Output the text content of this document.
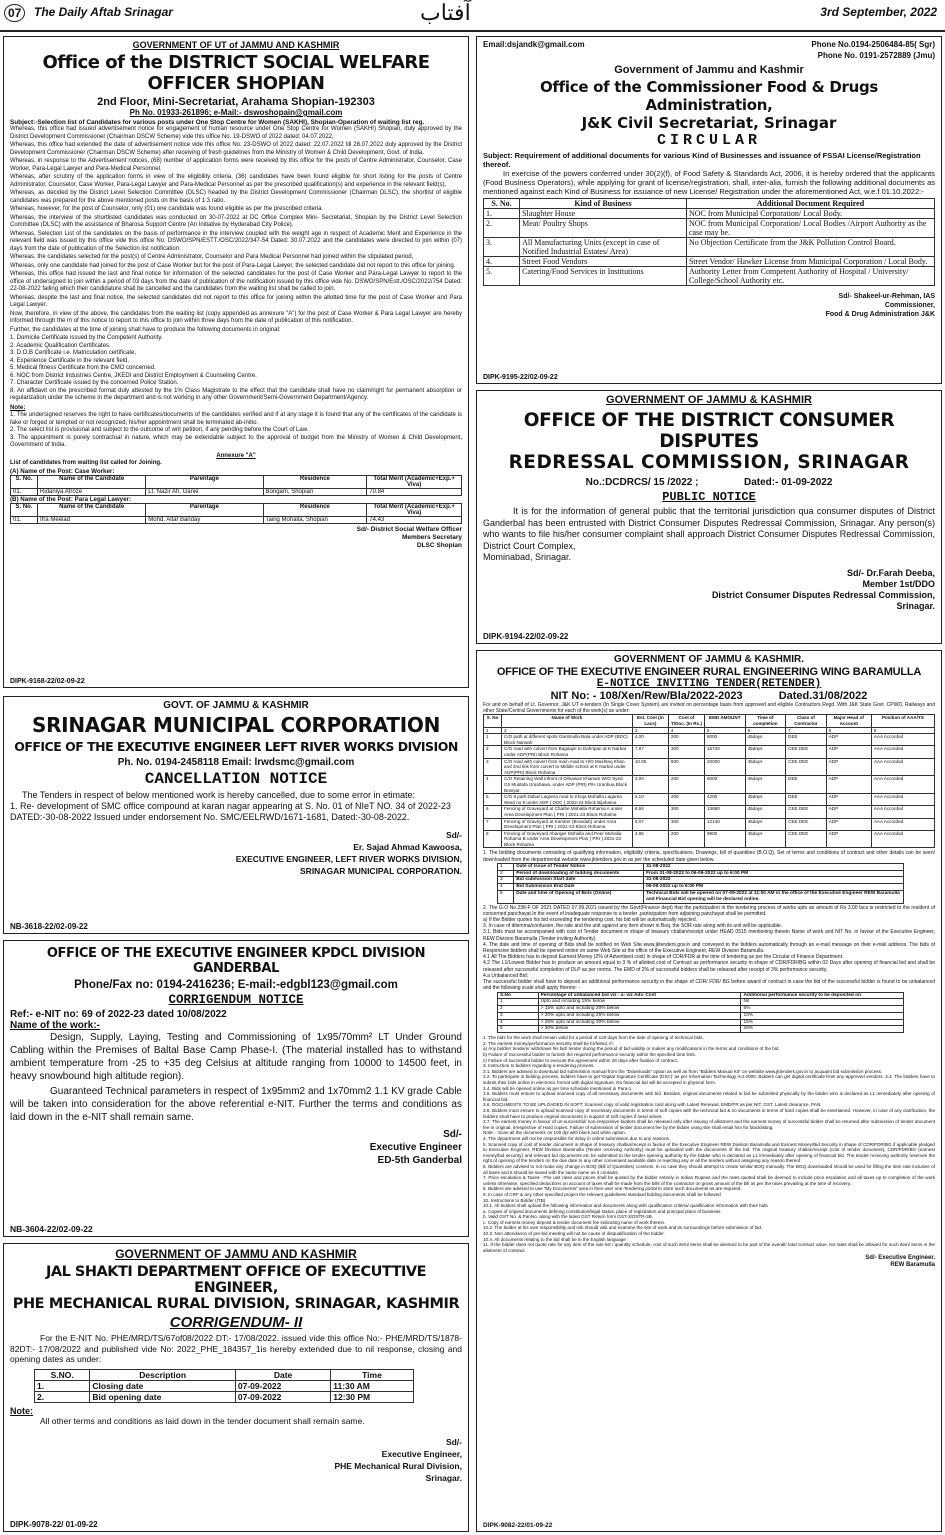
07	The Daily Aftab Srinagar	آفتاب	3rd September, 2022
GOVERNMENT OF UT of JAMMU AND KASHMIR
Office of the DISTRICT SOCIAL WELFARE OFFICER SHOPIAN
2nd Floor, Mini-Secretariat, Arahama Shopian-192303
Ph No. 01933-261896; e-Mail:- dswoshopain@gmail.com
Subject:-Selection list of Candidates for various posts under One Stop Centre for Women (SAKHI), Shopian-Operation of waiting list reg.

Whereas, this office had issued advertisement notice for engagement of human resource under One Stop Centre for Women (SAKHI) Shopian, duly approved by the District Development Commissioner (Chairman DSCW Scheme) vide this office No. 19-DSWO of 2022 dated: 04.07.2022,

Whereas, this office had extended the date of advertisement notice vide this office No. 23-DSWO of 2022 dated: 22.07.2022 till 28.07.2022 duly approved by the District Development Commissioner (Chairman DSCW Scheme) after receiving of fresh guidelines from the Ministry of Women & Child Development, Govt. of India.

Whereas, in response to the Advertisement notices, (68) number of application forms were received by this office for the posts of Centre Administrator, Counselor, Case Worker, Para-Legal Lawyer and Para-Medical Personnel.

Whereas, after scrutiny of the application forms in view of the eligibility criteria, (36) candidates have been found eligible for short listing for the posts of Centre Administrator, Counselor, Case Worker, Para-Legal Lawyer and Para-Medical Personnel as per the prescribed qualification(s) and experience in the relevant field(s),

Whereas, as decided by the District Level Selection Committee (DLSC) headed by the District Development Commissioner (Chairman DLSC), the shortlist of eligible candidates was prepared for the above mentioned posts on the basis of 1:3 ratio.

Whereas, however, for the post of Counselor, only (01) one candidate was found eligible as per the prescribed criteria.

Whereas, the interview of the shortlisted candidates was conducted on 30-07-2022 at DC Office Complex Mini- Secretariat, Shopian by the District Level Selection Committee (DLSC) with the assistance of Bharosa Support Centre (An Initiative by Hyderabad City Police).

Whereas, Selection List of the candidates on the basis of performance in the interview coupled with the weight age in respect of Academic Merit and Experience in the relevant field was issued by this office vide this office No. DSWO/SPN/ESTT./OSC/2022/347-54 Dated: 30.07.2022 and the candidates were directed to join within (07) days from the date of publication of the Selection list notification.

Whereas, the candidates selected for the post(s) of Centre Administrator, Counselor and Para Medical Personnel had joined within the stipulated period,

Whereas, only one candidate had joined for the post of Case Worker but for the post of Para-Legal Lawyer, the selected candidate did not report to this office for joining.

Whereas, this office had issued the last and final notice for information of the selected candidates for the post of Case Worker and Para-Legal Lawyer to report to the office of undersigned to join within a period of 03 days from the date of publication of the notification issued by this office vide No. DSWO/SPN/Estt./OSC/2022/754 Dated: 22-08-2022 failing which their candidature shall be cancelled and the candidates from the waiting list shall be called to join.

Whereas, despite the last and final notice, the selected candidates did not report to this office for joining within the allotted time for the post of Case Worker and Para Legal Lawyer.

Now, therefore, in view of the above, the candidates from the waiting list (copy appended as annexure "A") for the post of Case Worker & Para Legal Lawyer are hereby informed through the m of this notice to report to this office to join within three days from the date of publication of this notification.

Further, the candidates at the time of joining shall have to produce the following documents in original:

1. Domicile Certificate issued by the Competent Authority.
2. Academic Qualification Certificates.
3. D.O.B Certificate i.e. Matriculation certificate,
4. Experience Certificate in the relevant field.
5. Medical fitness Certificate from the CMO concerned.
6. NOC from District Industries Centre, JKEDI and District Employment & Counseling Centre.
7. Character Certificate issued by the concerned Police Station.
8. An affidavit on the prescribed format duly attested by the 1% Class Magistrate to the effect that the candidate shall have no claim/right for permanent absorption or regularization under the scheme in the department and is not working in any other Government/Semi-Government Department/Agency.
Note:
1. The undersigned reserves the right to have certificates/documents of the candidates verified and if at any stage it is found that any of the certificates of the candidate is fake or forged or tempted or not recognized, his/her appointment shall be terminated ab-initio.
2. The select list is provisional and subject to the outcome of writ petition, if any pending before the Court of Law.
3. The appointment is purely contractual in nature, which may be extendable subject to the approval of budget from the Ministry of Women & Child Development, Government of India.
Annexure "A"
List of candidates from waiting list called for Joining.
(A) Name of the Post: Case Worker:
S. No.	Name of the Candidate	Parentage	Residence	Total Merit (Academic+Exp.+ Viva)
01.	Ridaniya Afroze	Lt. Nazir Ah. Ganie	Bongam, Shopian	70.84
(B) Name of the Post: Para Legal Lawyer:
S. No.	Name of the Candidate	Parentage	Residence	Total Merit (Academic+Exp.+ Viva)
01.	Ifra Meelad	Mohd. Altaf Banday	Taing Mohalla, Shopian	74.43
Sd/- District Social Welfare Officer
Members Secretary
DLSC Shopian
DIPK-9168-22/02-09-22
Email:dsjandk@gmail.com	Phone No.0194-2506484-85( Sgr)
Phone No. 0191-2572889 (Jmu)
Government of Jammu and Kashmir
Office of the Commissioner Food & Drugs Administration,
J&K Civil Secretariat, Srinagar
CIRCULAR
Subject: Requirement of additional documents for various Kind of Businesses and issuance of FSSAI License/Registration thereof.
In exercise of the powers conferred under 30(2)(f), of Food Safety & Standards Act, 2006, it is hereby ordered that the applicants (Food Business Operators), while applying for grant of license/registration, shall, inter-alia, furnish the following additional documents as mentioned against each Kind of Business for issuance of new License/ Registration under the aforementioned Act, w.e.f 01.10.2022:-
S. No.	Kind of Business	Additional Document Required
1.	Slaughter House	NOC from Municipal Corporation/ Local Body.
2.	Meat/ Poultry Shops	NOC from Municipal Corporation/ Local Bodies /Airport Authority as the case may be.
3.	All Manufacturing Units (except in case of Notified Industrial Estates/ Area)	No Objection Certificate from the J&K Pollution Control Board.
4.	Street Food Vendors	Street Vendor/ Hawker License from Municipal Corporation / Local Body.
5.	Catering/Food Services in Institutions	Authority Letter from Competent Authority of Hospital / University/ College/School Authority etc.
Sd/- Shakeel-ur-Rehman, IAS
Commissioner,
Food & Drug Administration J&K
DIPK-9195-22/02-09-22
GOVERNMENT OF JAMMU & KASHMIR
OFFICE OF THE DISTRICT CONSUMER DISPUTES
REDRESSAL COMMISSION, SRINAGAR
No.:DCDRCS/ 15 /2022 ;	Dated:- 01-09-2022
PUBLIC NOTICE
It is for the information of general public that the territorial jurisdiction qua consumer disputes of District Ganderbal has been entrusted with District Consumer Disputes Redressal Commission, Srinagar. Any person(s) who wants to file his/her consumer complaint shall approach District Consumer Disputes Redressal Commission, District Court Complex,
Mominabad, Srinagar.
Sd/- Dr.Farah Deeba,
Member 1st/DDO
District Consumer Disputes Redressal Commission,
Srinagar.
DIPK-9194-22/02-09-22
GOVT. OF JAMMU & KASHMIR
SRINAGAR MUNICIPAL CORPORATION
OFFICE OF THE EXECUTIVE ENGINEER LEFT RIVER WORKS DIVISION
Ph. No. 0194-2458118 Email: lrwdsmc@gmail.com
CANCELLATION NOTICE
The Tenders in respect of below mentioned work is hereby cancelled, due to some error in etimate:
1. Re- development of SMC office compound at karan nagar appearing at S. No. 01 of NIeT NO. 34 of 2022-23 DATED:-30-08-2022 Issued under endorsement No. SMC/EELRWD/1671-1681, Dated:-30-08-2022.
Sd/-
Er. Sajad Ahmad Kawoosa,
EXECUTIVE ENGINEER, LEFT RIVER WORKS DIVISION,
SRINAGAR MUNICIPAL CORPORATION.
NB-3618-22/02-09-22
OFFICE OF THE EXECUTIVE ENGINEER KPDCL DIVISION GANDERBAL
Phone/Fax no: 0194-2416236; E-mail:-edgbl123@gmail.com
CORRIGENDUM NOTICE
Ref:- e-NIT no: 69 of 2022-23 dated 10/08/2022
Name of the work:-
Design, Supply, Laying, Testing and Commissioning of 1x95/70mm² LT Under Ground Cabling within the Premises of Baltal Base Camp Phase-I. (The material installed has to withstand ambient temperature from -25 to +35 deg Celsius at altitude ranging from 10000 to 14500 feet, in heavy snowbound high altitude region).
Guaranteed Technical parameters in respect of 1x95mm2 and 1x70mm2 1.1 KV grade Cable will be taken into consideration for the above referential e-NIT. Further the terms and conditions as laid down in the e-NIT shall remain same.
Sd/-
Executive Engineer
ED-5th Ganderbal
NB-3604-22/02-09-22
GOVERNMENT OF JAMMU AND KASHMIR
JAL SHAKTI DEPARTMENT OFFICE OF EXECUTTIVE ENGINEER,
PHE MECHANICAL RURAL DIVISION, SRINAGAR, KASHMIR
CORRIGENDUM- II
For the E-NIT No. PHE/MRD/TS/67of08/2022 DT:- 17/08/2022. issued vide this office No:- PHE/MRD/TS/1878-82DT:- 17/08/2022 and published vide No: 2022_PHE_184357_1is hereby extended due to nil response, closing and opening dates as under:
S.NO.	Description	Date	Time
1.	Closing date	07-09-2022	11:30 AM
2.	Bid opening date	07-09-2022	12:30 PM
Note:
All other terms and conditions as laid down in the tender document shall remain same.
Sd/-
Executive Engineer,
PHE Mechanical Rural Division,
Srinagar.
DIPK-9078-22/ 01-09-22
GOVERNMENT OF JAMMU & KASHMIR.
OFFICE OF THE EXECUTIVE ENGINEER RURAL ENGINEERING WING BARAMULLA
E-NOTICE INVITING TENDER(RETENDER)
NIT No: - 108/Xen/Rew/Bla/2022-2023	Dated.31/08/2022
For and on behalf of Lt. Governor, J&K UT e-tenders (In Single Cover System) are invited on percentage basis from approved and eligible Contractors Regd. With J&K State Govt. CPWD, Railways and other State/Central Governments for each of the work(s) as under:
S. No	Name of Work	Est. Cost (in Lacs)	Cost of T/Doc. (In Rs.)	EMD AMOUNT	Time of completion	Class of Contractor	Major Head of Account	Position of AAA/TS
1	2	3	4	5	6	7	8	9
1	C/O path at different spots Gantmulla Bala under ADP (BDC) Block Narwah	4.00	200	8000	45days	DEE	ADP	AAA Accorded
2	C/O road with culvert from Bagdajie to Dahripan at K Narbal under ADP(PRI) Block Rohama	7.87	300	15740	45days	CEE DEE	ADP	AAA Accorded
3	C/O road with culvert from main road to H/O Mushtaq Khan and 2nd link from culvert to Middle school at K Narbal under ADP(PRI) Block Rohama	10.00	600	20000	45days	CEE DEE	ADP	AAA Accorded
4	C/O Retaining Wall infront of Dilnawaz Khanam W/O Syed Gh Mustafa Uranbawa, under ADP (PRI) P/H Uranbua Block Boniyar.	3.00	200	6000	45days	DEE	ADP	AAA Accorded
5	C/O 8 path Dabar Lagama road to Khoja Mohalla Lagama Ward no 9 under ADP ( DDC ) 2022-23 Block Bijahama	2.10	200	4200	45days	DEE	ADP	AAA Accorded
6	Fencing of Graveyard at Charbe Mohalla Rohama A under Area Development Plan ( PRI ) 2021-23 Block Rohama	6.94	300	13880	45days	CEE DEE	ADP	AAA Accorded
7	Fencing of Graveyard at Kamber (Brandub) under Area Development Plan ( PRI ) 2021-23 Block Rohama	6.07	300	12140	45days	CEE DEE	ADP	AAA Accorded
8	Fencing of Graveyard Ahanger Mohalla and Peer Mohalla Rohama B under Area Development Plan ( PRI ) 2021-23 Block Rohama	4.95	200	9900	45days	CEE DEE	ADP	AAA Accorded
1. The bidding documents consisting of qualifying information, eligibility criteria, specifications, Drawings, bill of quantities (B.O.Q), Set of terms and conditions of contract and other details can be seen/ downloaded from the departmental website www.jktenders.gov.in as per the scheduled date given below.
1	Date of Issue of Tender Notice	31-08-2022
2	Period of downloading of bidding documents	From 31-08-2022 to 06-09-2022 up to 6:00 PM
3	Bid submission Start date	31-08-2022
4	Bid Submission End Date	06-09-2022 up to 6:00 PM
5	Date and time of Opening of Bids (Online)	Technical Bids will be opened on 07-09-2022 at 11:00 AM in the office of the Executive Engineer REW Baramulla and Financial Bid opening will be declared online.
2. The G.O No.238-F OF 2021 DATED 07.09.2021 issued by the Govt(Finance dept) that the participation in the tendering process of works upto an amount of Rs 3.00 lacs is restricted to the resident of concerned panchayat.In the event of inadequate response to a tender ,participation from adjoining panchayat shall be permitted.
a) If the Bidder quotes his bid exceeding the tendering cost, his bid will be automatically rejected.
3. In case of dilemma/confusion, the rate and the unit against any item shown in Boq, the SOR rate along with its unit will be applicable.
3.1. Bids must be accompanied with cost of Tender document in shape of treasury challan/receipt under HEAD 0515 mentioning therein Name of work and NIT No. in favour of the Executive Engineer, REW Division Baramulla (Tender inviting Authority).
4. The date and time of opening of Bids shall be notified on Web Site www.jktenders.gov.in and conveyed to the bidders automatically through an e-mail message on their e-mail address. The bids of Responsive bidders shall be opened online on same Web Site at the office of the Executive Engineer, REW Division Baramulla.
4.1 All The Bidders has to deposit Earnest Money (2% of Advertised cost) in shape of CDR/FDR at the time of tendering as per the Circular of Finance Department.
4.2 The L1/Lowest Bidder has to produce an amount equal to 3 % of allotted cost of Contract as performance security in shape of CDR/FDR/BG within 02 Days after opening of financial bid and shall be released after successful completion of DLP as per norms. The EMD of 2% of successful bidders shall be released after receipt of 3% performance security.
4.a Unbalanced Bid:
The successful bidder shall have to deposit an additional performance security in the shape of CDR/ FDR/ BG before award of contract in case the bid of the successful bidder is found to be unbalanced and the following scale shall apply thereto: -
S.No	Percentage of unbalanced bid viz - a- viz Adv. Cost	Additional performance security to be deposited on
1	Upto and including 15% below	Nil
2	> 15% upto and including 20% below	5%
3	> 20% upto and including 25% below	10%
4	> 25% upto and including 30% below	15%
5	> 30% below	20%
1. The bids for the work shall remain valid for a period of 120 days from the date of opening of technical bids.
2. The earnest money/performance security shall be forfeited, if:-
a) Any bidder/ tenderer withdraws his bid/ tender during the period of bid validity or makes any modifications in the terms and conditions of the bid.
b) Failure of Successful bidder to furnish the required performance security within the specified time limit.
c) Failure of successful bidder to execute the agreement within 28 days after fixation of contract.
3. Instruction to bidders regarding e-tendering process.
3.1. Bidders are advised to download bid submission manual from the "Downloads" option as well as from "Bidders Manual Kit" on website www.jktenders.gov.in to acquaint bid submission process.
3.2. To participate in bidding process, bidders have to get 'Digital Signature Certificate (DSC)' as per Information Technology Act-2000. Bidders can get digital certificate from any approved vendors. 3.3. The bidders have to submit their bids online in electronic format with digital Signature. No financial bid will be accepted in physical form.
3.4. Bids will be opened online as per time schedule mentioned in Para-1.
3.5. Bidders must ensure to upload scanned copy of all necessary documents with bid. Besides, original documents related to bid be submitted physically by the bidder who is declared as L1 immediately after opening of financial bid.
3.6. DOCUMENTS TO BE UPLOADED IN SOFT: Scanned copy of valid registration card along with Latest Renewal, EMD/FR as per NIT, GST, Latest clearance, PAN.
3.5. Bidders must ensure to upload scanned copy of necessary documents in terms of soft copies with the technical bid & no documents in terms of hard copies shall be entertained. However, in case of any clarification, the bidders shall have to produce original documents in support of soft copies if need arises.
3.7. The earnest money in favour of un-successful/ non-responsive bidders shall be released only after issuing of allotment and the earnest money of successful bidder shall be returned after submission of tender document fee in original, irrespective of Hard copies. Failure of submission of tender document fee by the bidder using site shall entail him for blacklisting.
Note: - Scan all the documents on 100 dpi with black and white option.
4. The department will not be responsible for delay in online submission due to any reasons.
5. Scanned copy of cost of tender document in shape of treasury challan/receipt in favour of the Executive Engineer REW Division Baramulla and Earnest Money/Bid Security in shape of CDR/FDR/BG if applicable pledged to Executive Engineer, REW Division Baramulla (Tender receiving Authority) must be uploaded with the documents of the bid. The original treasury challan/receipt (cost of tender document), CDR/FDR/BG (earnest money/bid security) and relevant bid documents etc be submitted to the tender opening authority by the bidder who is declared as L1 immediately after opening of financial bid. The tender receiving authority reserves the right of opening of the tenders on the due date to any other convenient available date or rejecting any or all the tenders without assigning any reason thereof
6. Bidders are advised to not make any change in BOQ (Bill of Quantities) contents. In no case they should attempt to create similar BOQ manually. The BOQ downloaded should be used for filling the item rate inclusive of all taxes and it should be saved with the same name as it contains.
7. Price escalation & Taxes: -The unit rates and prices shall be quoted by the bidder entirely in Indian Rupees and the rates quoted shall be deemed to include price escalation and all taxes up to completion of the work unless otherwise, specified deductions on account of taxes shall be made from the bills of the contractor on gross amount of the bill as per the rates prevailing at the time of recovery.
8. Bidders are advised to use "My Documents" area in their user one-Tendering portal to store such documents as are required.
9. In case of CRF & any other specified project the relevant guidelines/ standard bidding documents shall be followed
10. Instructions to Bidder (ITB)
10.1. All bidders shall upload the following information and documents along with qualification criteria/ qualification information with their bids
a. Copies of original documents defining constitution/legal status, place of registration and principal place of business.
b. Valid GST No. & PanNo. along with the latest GST Return form GST-3/GSTR-3B.
c. Copy of earnest money deposit & tender document fee indicating name of work therein.
10.2. The bidder at his own responsibility and risk should visit and examine the site of work and its surroundings before submission of bid.
10.3. Non attendance of pre-bid meeting will not be cause of disqualification of the bidder.
10.4. All documents relating to the bid shall be in the English language
11. If the bidder does not quote rate for any item of the rate list / quantity schedule, cost of such item/ items shall be deemed to be part of the overall/ total contract value. No rates shall be allowed for such item/ items in the allotment of contract.
Sd/- Executive Engineer.
REW Baramulla
DIPK-9082-22/01-09-22
